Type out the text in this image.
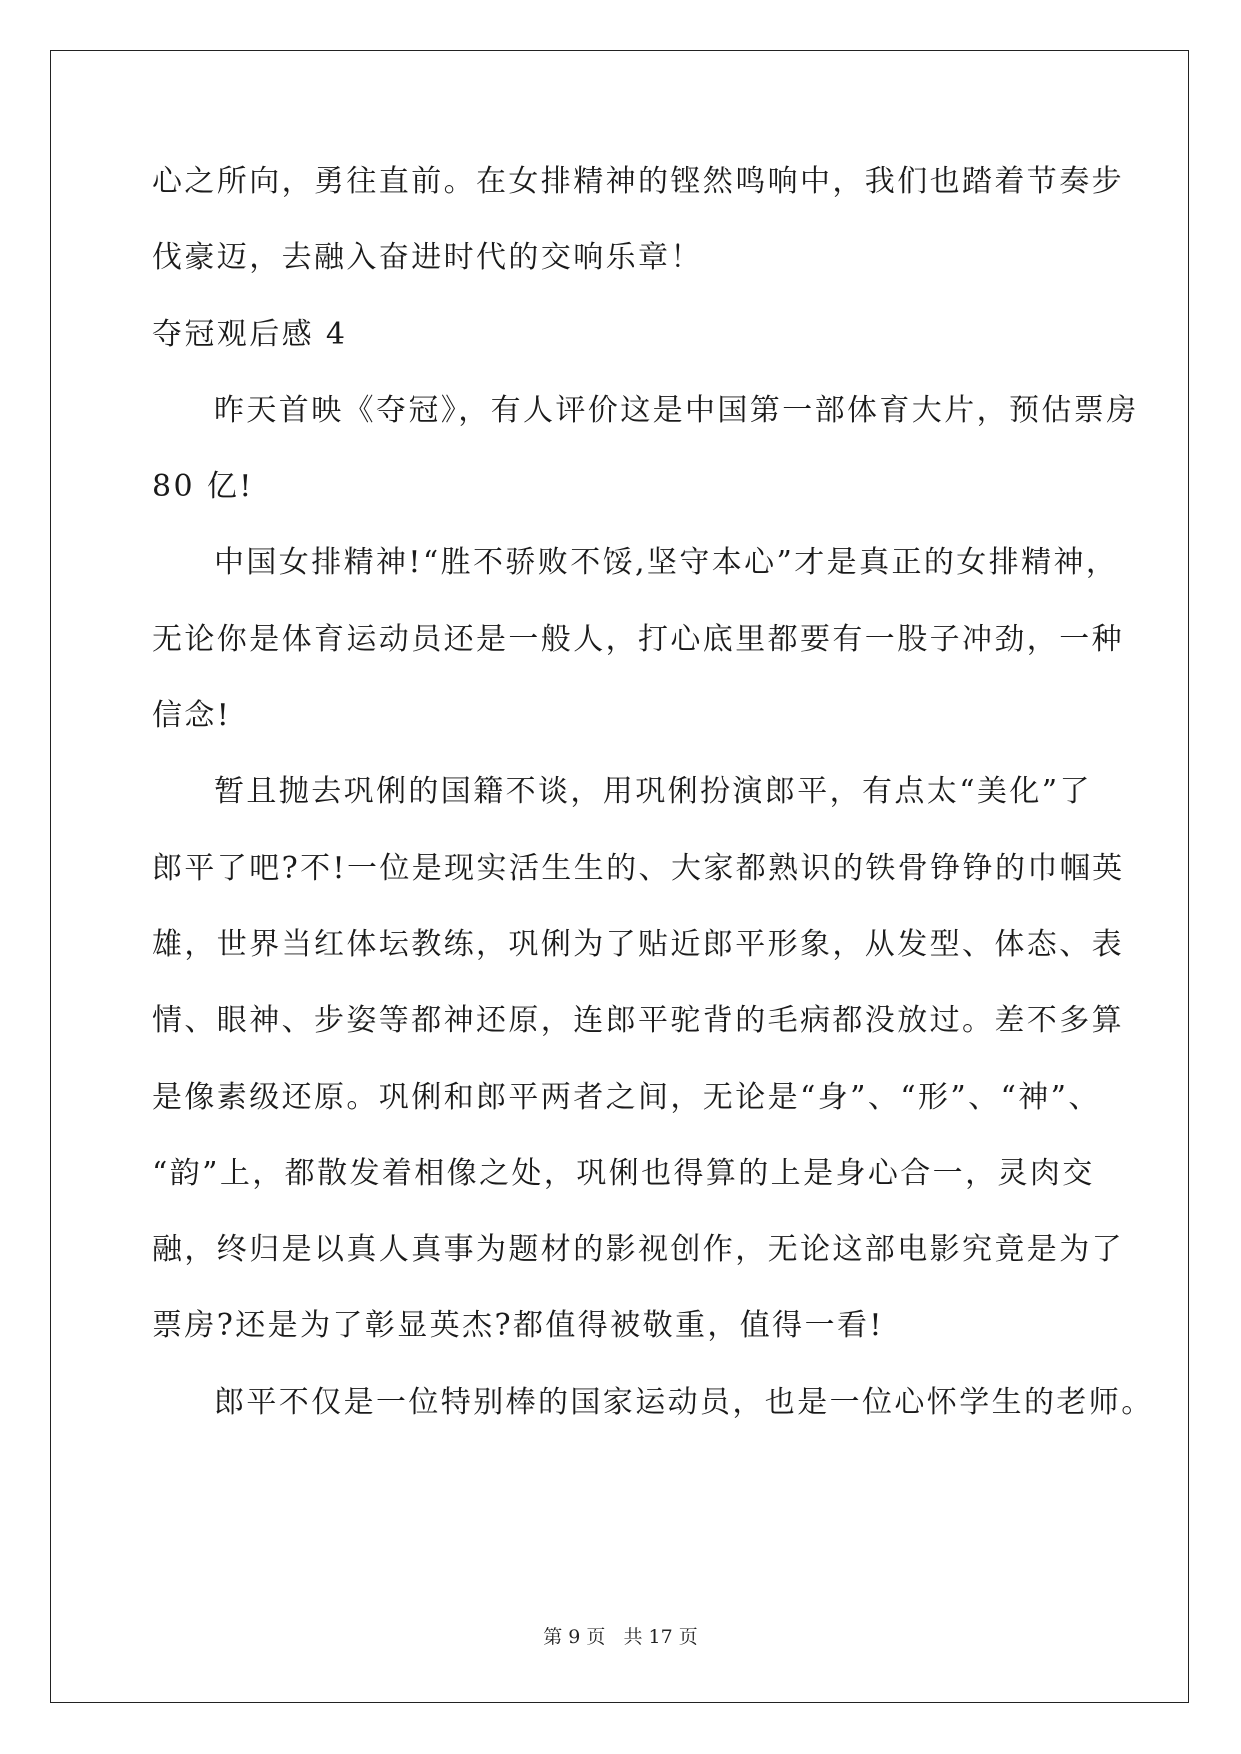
心之所向，勇往直前。在女排精神的铿然鸣响中，我们也踏着节奏步
伐豪迈，去融入奋进时代的交响乐章！
夺冠观后感 4
昨天首映《夺冠》，有人评价这是中国第一部体育大片，预估票房
80 亿!
中国女排精神!“胜不骄败不馁,坚守本心”才是真正的女排精神，
无论你是体育运动员还是一般人，打心底里都要有一股子冲劲，一种
信念!
暂且抛去巩俐的国籍不谈，用巩俐扮演郎平，有点太“美化”了
郎平了吧?不!一位是现实活生生的、大家都熟识的铁骨铮铮的巾帼英
雄，世界当红体坛教练，巩俐为了贴近郎平形象，从发型、体态、表
情、眼神、步姿等都神还原，连郎平驼背的毛病都没放过。差不多算
是像素级还原。巩俐和郎平两者之间，无论是“身”、“形”、“神”、
“韵”上，都散发着相像之处，巩俐也得算的上是身心合一，灵肉交
融，终归是以真人真事为题材的影视创作，无论这部电影究竟是为了
票房?还是为了彰显英杰?都值得被敬重，值得一看!
郎平不仅是一位特别棒的国家运动员，也是一位心怀学生的老师。
第 9 页 共 17 页
